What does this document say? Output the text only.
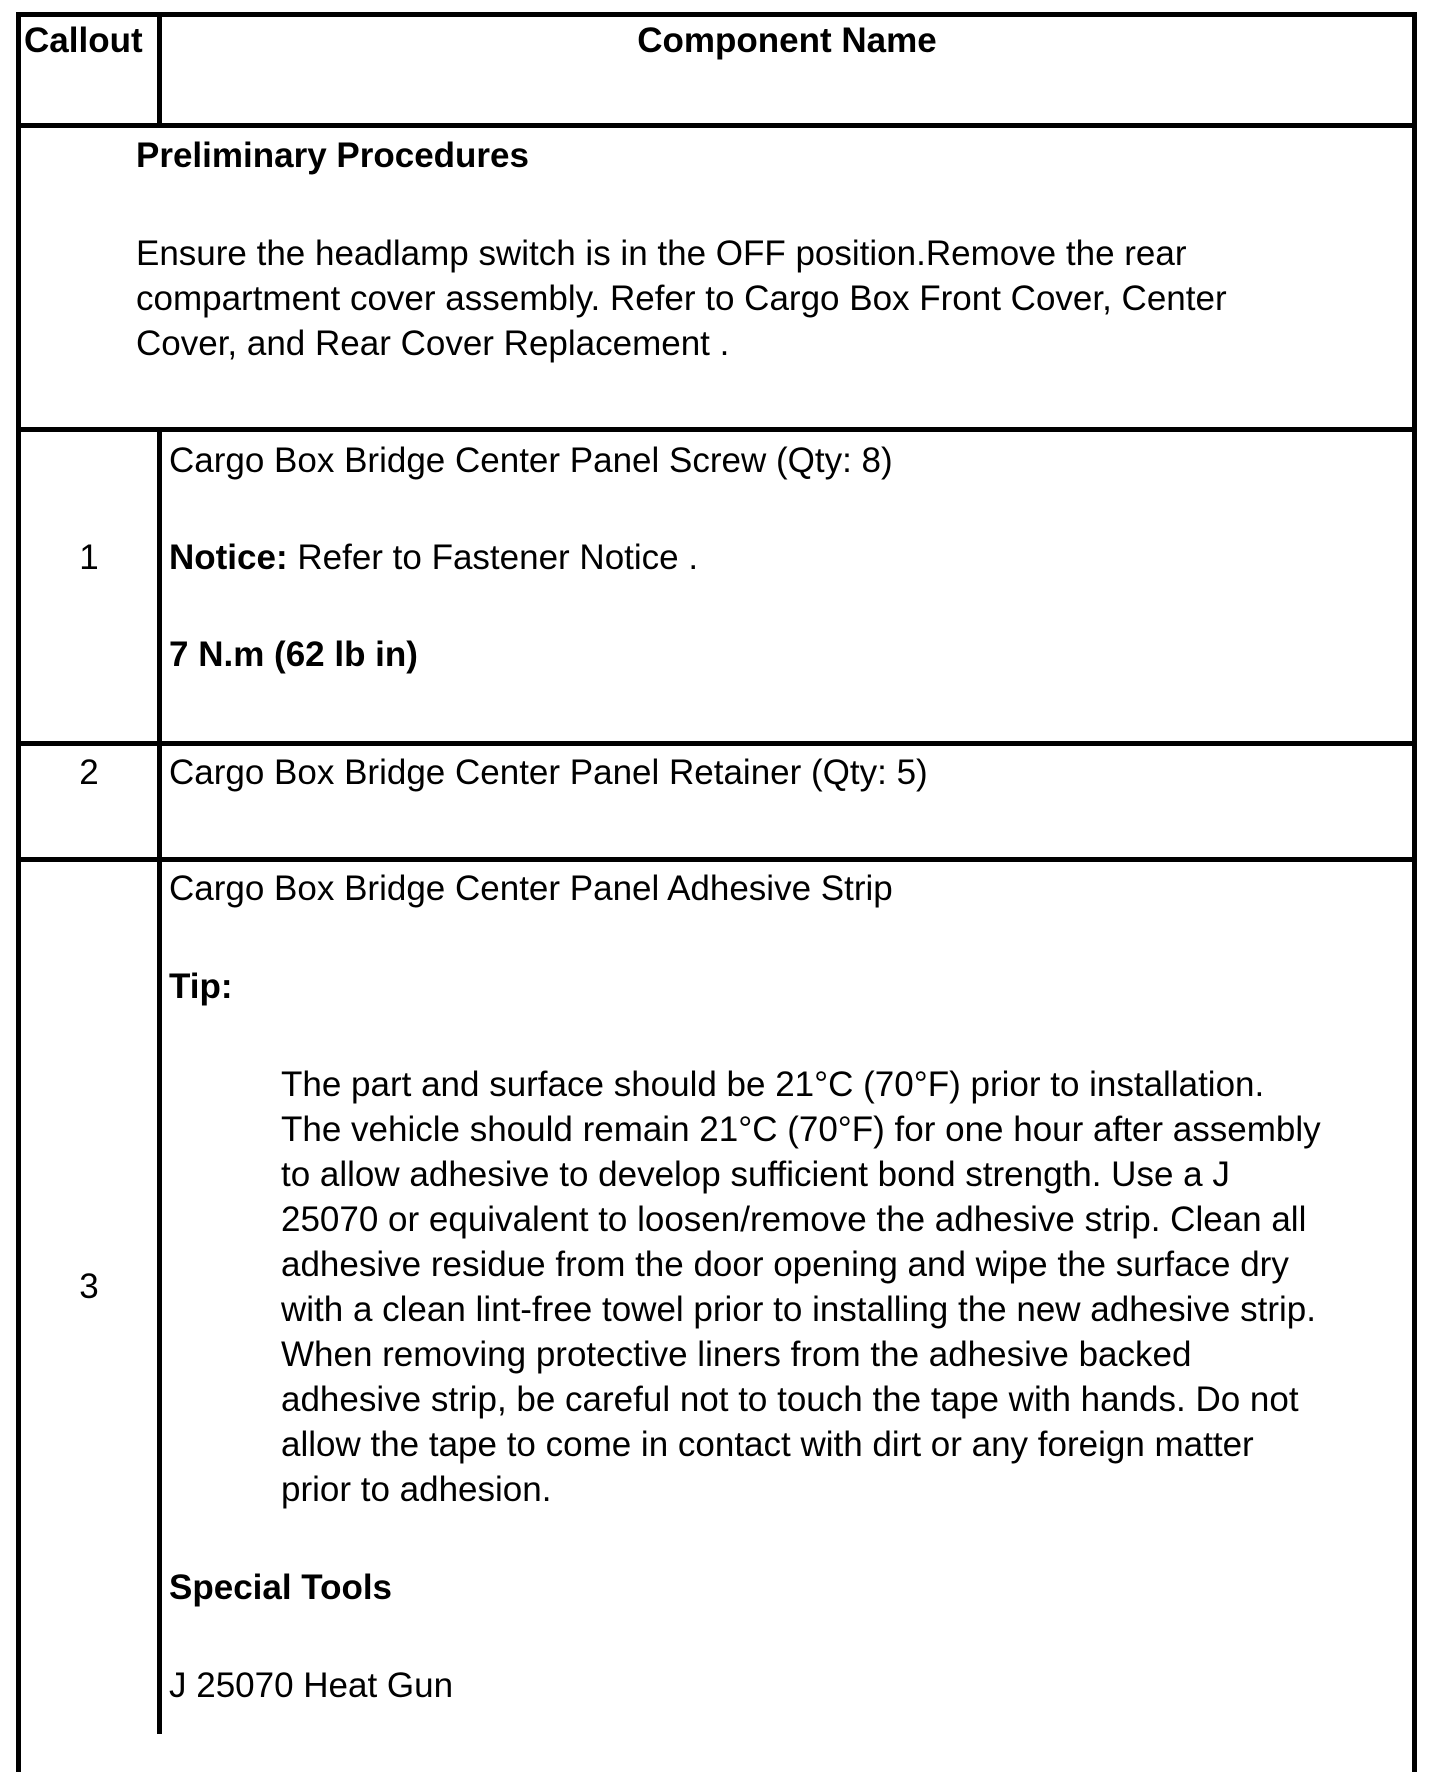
Callout	Component Name
Preliminary Procedures
Ensure the headlamp switch is in the OFF position.Remove the rear
compartment cover assembly. Refer to Cargo Box Front Cover, Center
Cover, and Rear Cover Replacement .
1
Cargo Box Bridge Center Panel Screw (Qty: 8)
Notice: Refer to Fastener Notice .
7 N.m (62 lb in)
2	Cargo Box Bridge Center Panel Retainer (Qty: 5)
3
Cargo Box Bridge Center Panel Adhesive Strip
Tip:
The part and surface should be 21°C (70°F) prior to installation.
The vehicle should remain 21°C (70°F) for one hour after assembly
to allow adhesive to develop sufficient bond strength. Use a J
25070 or equivalent to loosen/remove the adhesive strip. Clean all
adhesive residue from the door opening and wipe the surface dry
with a clean lint-free towel prior to installing the new adhesive strip.
When removing protective liners from the adhesive backed
adhesive strip, be careful not to touch the tape with hands. Do not
allow the tape to come in contact with dirt or any foreign matter
prior to adhesion.
Special Tools
J 25070 Heat Gun
